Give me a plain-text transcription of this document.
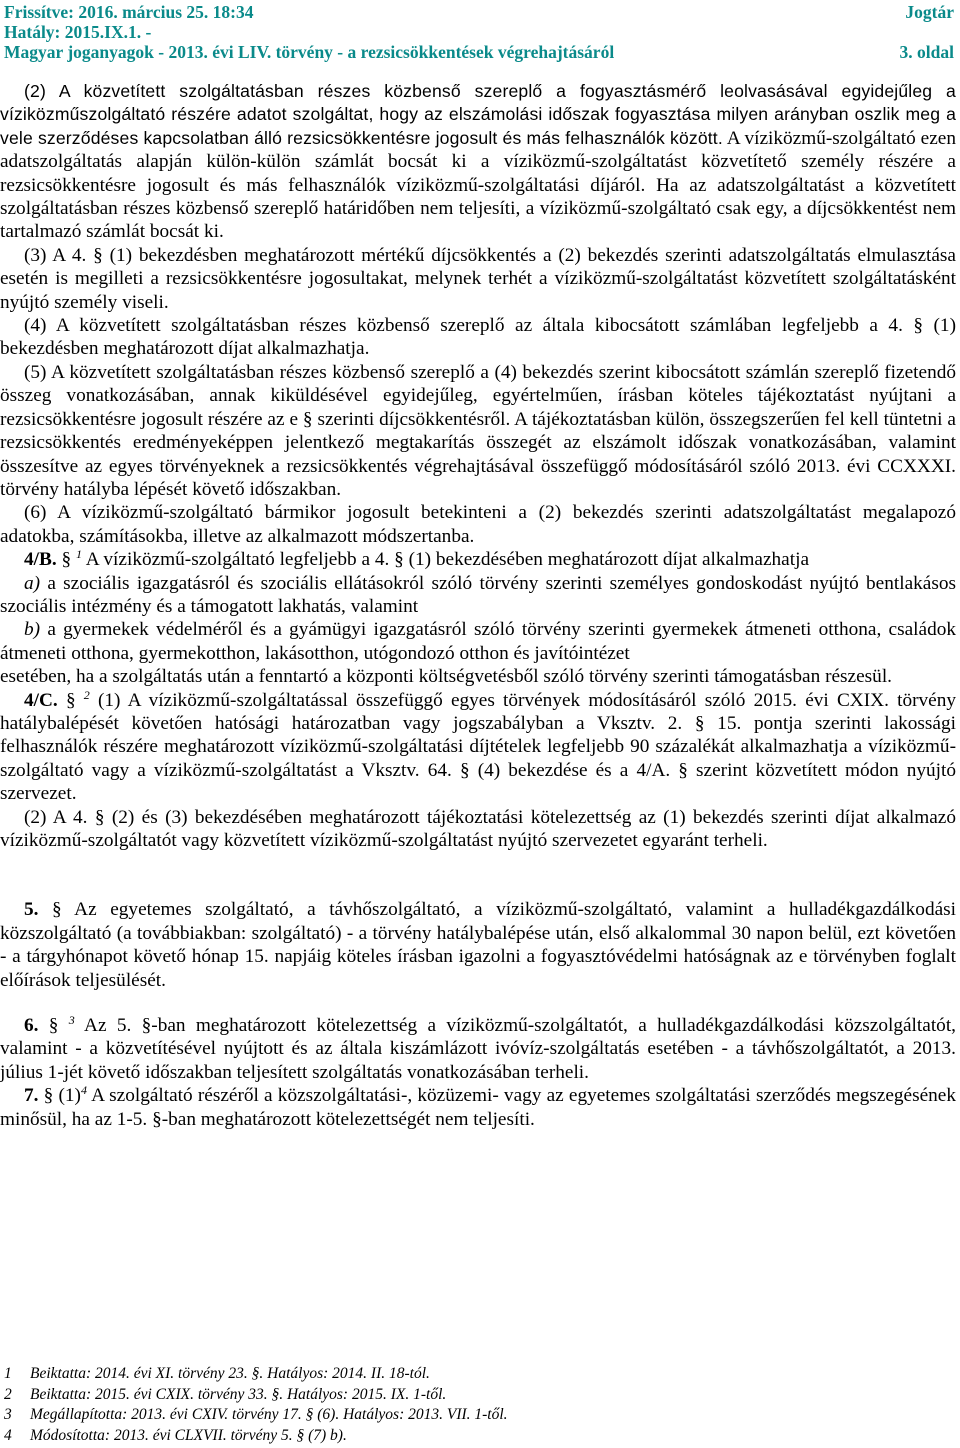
Frissítve: 2016. március 25. 18:34	Jogtár
Hatály: 2015.IX.1. -
Magyar joganyagok - 2013. évi LIV. törvény - a rezsicsökkentések végrehajtásáról	3. oldal

(2) A közvetített szolgáltatásban részes közbenső szereplő a fogyasztásmérő leolvasásával egyidejűleg a víziközműszolgáltató részére adatot szolgáltat, hogy az elszámolási időszak fogyasztása milyen arányban oszlik meg a vele szerződéses kapcsolatban álló rezsicsökkentésre jogosult és más felhasználók között. A víziközmű-szolgáltató ezen adatszolgáltatás alapján külön-külön számlát bocsát ki a víziközmű-szolgáltatást közvetítető személy részére a rezsicsökkentésre jogosult és más felhasználók víziközmű-szolgáltatási díjáról. Ha az adatszolgáltatást a közvetített szolgáltatásban részes közbenső szereplő határidőben nem teljesíti, a víziközmű-szolgáltató csak egy, a díjcsökkentést nem tartalmazó számlát bocsát ki.

(3) A 4. § (1) bekezdésben meghatározott mértékű díjcsökkentés a (2) bekezdés szerinti adatszolgáltatás elmulasztása esetén is megilleti a rezsicsökkentésre jogosultakat, melynek terhét a víziközmű-szolgáltatást közvetített szolgáltatásként nyújtó személy viseli.

(4) A közvetített szolgáltatásban részes közbenső szereplő az általa kibocsátott számlában legfeljebb a 4. § (1) bekezdésben meghatározott díjat alkalmazhatja.

(5) A közvetített szolgáltatásban részes közbenső szereplő a (4) bekezdés szerint kibocsátott számlán szereplő fizetendő összeg vonatkozásában, annak kiküldésével egyidejűleg, egyértelműen, írásban köteles tájékoztatást nyújtani a rezsicsökkentésre jogosult részére az e § szerinti díjcsökkentésről. A tájékoztatásban külön, összegszerűen fel kell tüntetni a rezsicsökkentés eredményeképpen jelentkező megtakarítás összegét az elszámolt időszak vonatkozásában, valamint összesítve az egyes törvényeknek a rezsicsökkentés végrehajtásával összefüggő módosításáról szóló 2013. évi CCXXXI. törvény hatályba lépését követő időszakban.

(6) A víziközmű-szolgáltató bármikor jogosult betekinteni a (2) bekezdés szerinti adatszolgáltatást megalapozó adatokba, számításokba, illetve az alkalmazott módszertanba.

4/B. § $^1$ A víziközmű-szolgáltató legfeljebb a 4. § (1) bekezdésében meghatározott díjat alkalmazhatja

a) a szociális igazgatásról és szociális ellátásokról szóló törvény szerinti személyes gondoskodást nyújtó bentlakásos szociális intézmény és a támogatott lakhatás, valamint

b) a gyermekek védelméről és a gyámügyi igazgatásról szóló törvény szerinti gyermekek átmeneti otthona, családok átmeneti otthona, gyermekotthon, lakásotthon, utógondozó otthon és javítóintézet

esetében, ha a szolgáltatás után a fenntartó a központi költségvetésből szóló törvény szerinti támogatásban részesül.

4/C. § $^2$ (1) A víziközmű-szolgáltatással összefüggő egyes törvények módosításáról szóló 2015. évi CXIX. törvény hatálybalépését követően hatósági határozatban vagy jogszabályban a Vksztv. 2. § 15. pontja szerinti lakossági felhasználók részére meghatározott víziközmű-szolgáltatási díjtételek legfeljebb 90 százalékát alkalmazhatja a víziközmű-szolgáltató vagy a víziközmű-szolgáltatást a Vksztv. 64. § (4) bekezdése és a 4/A. § szerint közvetített módon nyújtó szervezet.

(2) A 4. § (2) és (3) bekezdésében meghatározott tájékoztatási kötelezettség az (1) bekezdés szerinti díjat alkalmazó víziközmű-szolgáltatót vagy közvetített víziközmű-szolgáltatást nyújtó szervezetet egyaránt terheli.

5. § Az egyetemes szolgáltató, a távhőszolgáltató, a víziközmű-szolgáltató, valamint a hulladékgazdálkodási közszolgáltató (a továbbiakban: szolgáltató) - a törvény hatálybalépése után, első alkalommal 30 napon belül, ezt követően - a tárgyhónapot követő hónap 15. napjáig köteles írásban igazolni a fogyasztóvédelmi hatóságnak az e törvényben foglalt előírások teljesülését.

6. § $^3$ Az 5. §-ban meghatározott kötelezettség a víziközmű-szolgáltatót, a hulladékgazdálkodási közszolgáltatót, valamint - a közvetítésével nyújtott és az általa kiszámlázott ivóvíz-szolgáltatás esetében - a távhőszolgáltatót, a 2013. július 1-jét követő időszakban teljesített szolgáltatás vonatkozásában terheli.

7. § $(1)^4$ A szolgáltató részéről a közszolgáltatási-, közüzemi- vagy az egyetemes szolgáltatási szerződés megszegésének minősül, ha az 1-5. §-ban meghatározott kötelezettségét nem teljesíti.

1 Beiktatta: 2014. évi XI. törvény 23. §. Hatályos: 2014. II. 18-tól.
2 Beiktatta: 2015. évi CXIX. törvény 33. §. Hatályos: 2015. IX. 1-től.
3 Megállapította: 2013. évi CXIV. törvény 17. § (6). Hatályos: 2013. VII. 1-től.
4 Módosította: 2013. évi CLXVII. törvény 5. § (7) b).
